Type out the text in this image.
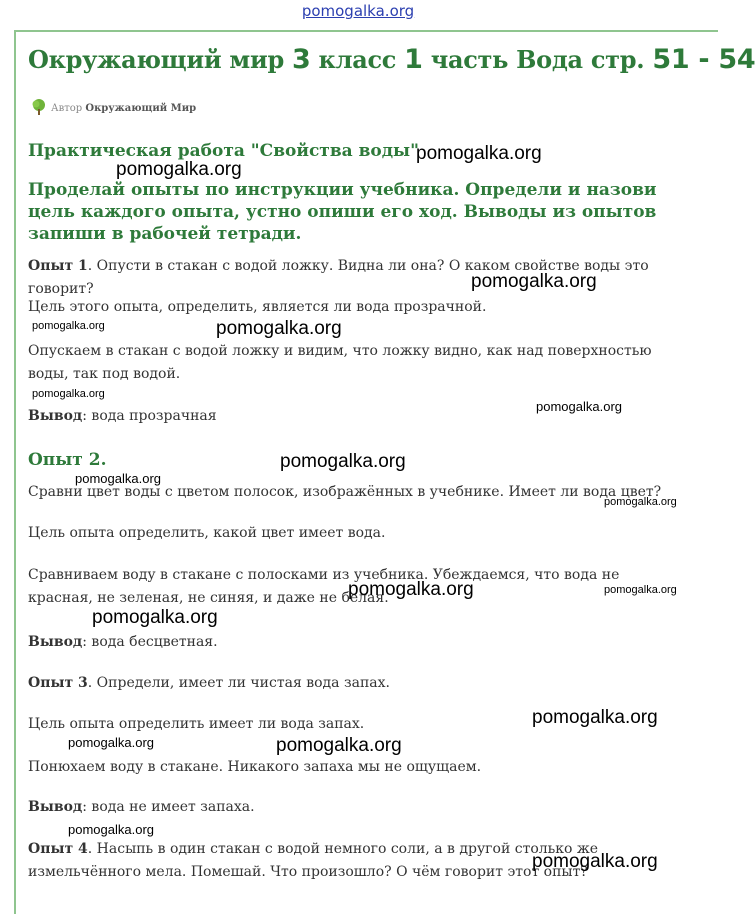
pomogalka.org
Окружающий мир 3 класс 1 часть Вода стр. 51 - 54
Автор Окружающий Мир
Практическая работа "Свойства воды"
Проделай опыты по инструкции учебника. Определи и назови цель каждого опыта, устно опиши его ход. Выводы из опытов запиши в рабочей тетради.
Опыт 1. Опусти в стакан с водой ложку. Видна ли она? О каком свойстве воды это говорит?
Цель этого опыта, определить, является ли вода прозрачной.
Опускаем в стакан с водой ложку и видим, что ложку видно, как над поверхностью воды, так под водой.
Вывод: вода прозрачная
Опыт 2.
Сравни цвет воды с цветом полосок, изображённых в учебнике. Имеет ли вода цвет?
Цель опыта определить, какой цвет имеет вода.
Сравниваем воду в стакане с полосками из учебника. Убеждаемся, что вода не красная, не зеленая, не синяя, и даже не белая.
Вывод: вода бесцветная.
Опыт 3. Определи, имеет ли чистая вода запах.
Цель опыта определить имеет ли вода запах.
Понюхаем воду в стакане. Никакого запаха мы не ощущаем.
Вывод: вода не имеет запаха.
Опыт 4. Насыпь в один стакан с водой немного соли, а в другой столько же измельчённого мела. Помешай. Что произошло? О чём говорит этот опыт?
pomogalka.org
pomogalka.org
pomogalka.org
pomogalka.org	pomogalka.org
pomogalka.org
pomogalka.org
pomogalka.org
pomogalka.org
pomogalka.org
pomogalka.org	pomogalka.org
pomogalka.org
pomogalka.org
pomogalka.org	pomogalka.org
pomogalka.org
pomogalka.org
